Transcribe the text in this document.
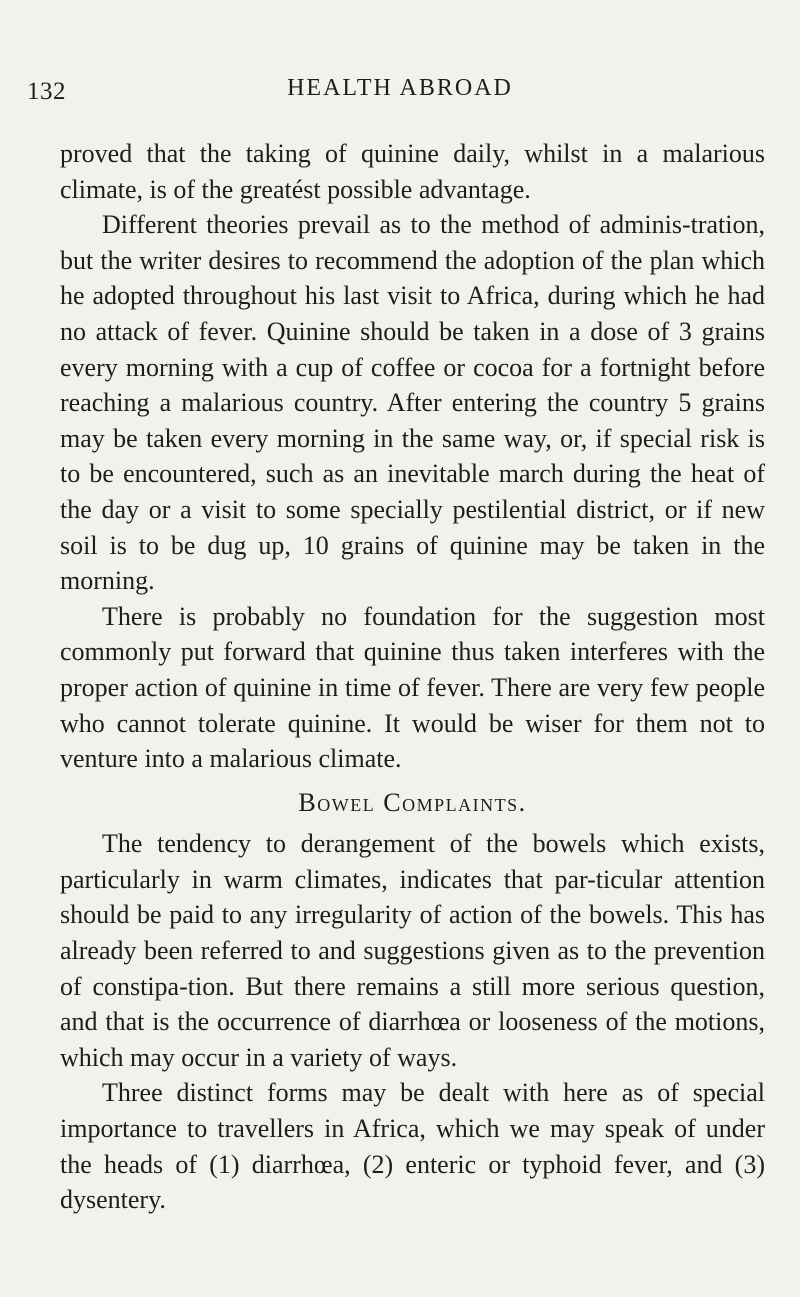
132	HEALTH ABROAD

proved that the taking of quinine daily, whilst in a malarious climate, is of the greatést possible advantage.

Different theories prevail as to the method of adminis-tration, but the writer desires to recommend the adoption of the plan which he adopted throughout his last visit to Africa, during which he had no attack of fever. Quinine should be taken in a dose of 3 grains every morning with a cup of coffee or cocoa for a fortnight before reaching a malarious country. After entering the country 5 grains may be taken every morning in the same way, or, if special risk is to be encountered, such as an inevitable march during the heat of the day or a visit to some specially pestilential district, or if new soil is to be dug up, 10 grains of quinine may be taken in the morning.

There is probably no foundation for the suggestion most commonly put forward that quinine thus taken interferes with the proper action of quinine in time of fever. There are very few people who cannot tolerate quinine. It would be wiser for them not to venture into a malarious climate.

Bowel Complaints.

The tendency to derangement of the bowels which exists, particularly in warm climates, indicates that par-ticular attention should be paid to any irregularity of action of the bowels. This has already been referred to and suggestions given as to the prevention of constipa-tion. But there remains a still more serious question, and that is the occurrence of diarrhœa or looseness of the motions, which may occur in a variety of ways.

Three distinct forms may be dealt with here as of special importance to travellers in Africa, which we may speak of under the heads of (1) diarrhœa, (2) enteric or typhoid fever, and (3) dysentery.
